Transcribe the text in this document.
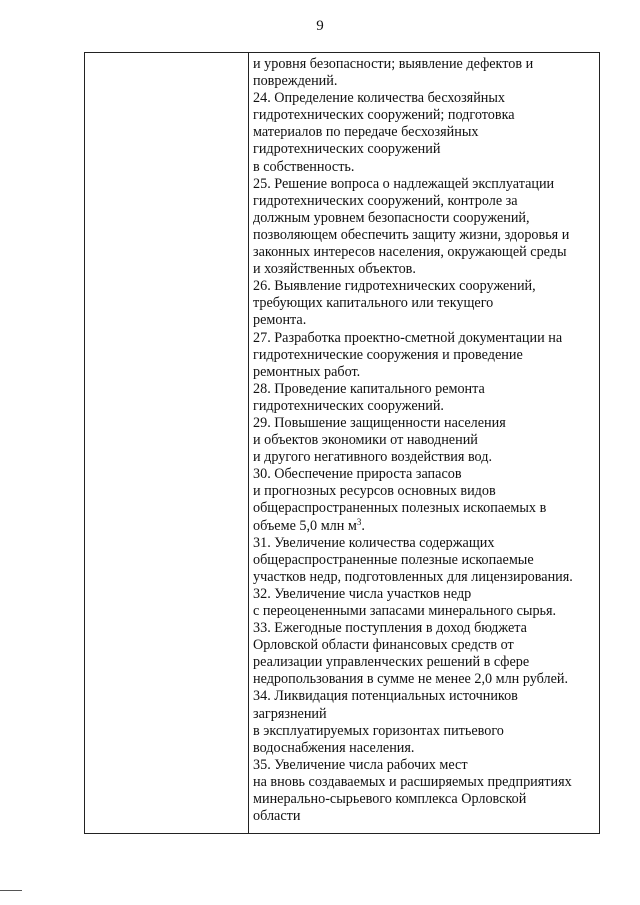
9
и уровня безопасности; выявление дефектов и
повреждений.
24. Определение количества бесхозяйных
гидротехнических сооружений; подготовка
материалов по передаче бесхозяйных
гидротехнических сооружений
в собственность.
25. Решение вопроса о надлежащей эксплуатации
гидротехнических сооружений, контроле за
должным уровнем безопасности сооружений,
позволяющем обеспечить защиту жизни, здоровья и
законных интересов населения, окружающей среды
и хозяйственных объектов.
26. Выявление гидротехнических сооружений,
требующих капитального или текущего
ремонта.
27. Разработка проектно-сметной документации на
гидротехнические сооружения и проведение
ремонтных работ.
28. Проведение капитального ремонта
гидротехнических сооружений.
29. Повышение защищенности населения
и объектов экономики от наводнений
и другого негативного воздействия вод.
30. Обеспечение прироста запасов
и прогнозных ресурсов основных видов
общераспространенных полезных ископаемых в
объеме 5,0 млн $м^3$.
31. Увеличение количества содержащих
общераспространенные полезные ископаемые
участков недр, подготовленных для лицензирования.
32. Увеличение числа участков недр
с переоцененными запасами минерального сырья.
33. Ежегодные поступления в доход бюджета
Орловской области финансовых средств от
реализации управленческих решений в сфере
недропользования в сумме не менее 2,0 млн рублей.
34. Ликвидация потенциальных источников
загрязнений
в эксплуатируемых горизонтах питьевого
водоснабжения населения.
35. Увеличение числа рабочих мест
на вновь создаваемых и расширяемых предприятиях
минерально-сырьевого комплекса Орловской
области
